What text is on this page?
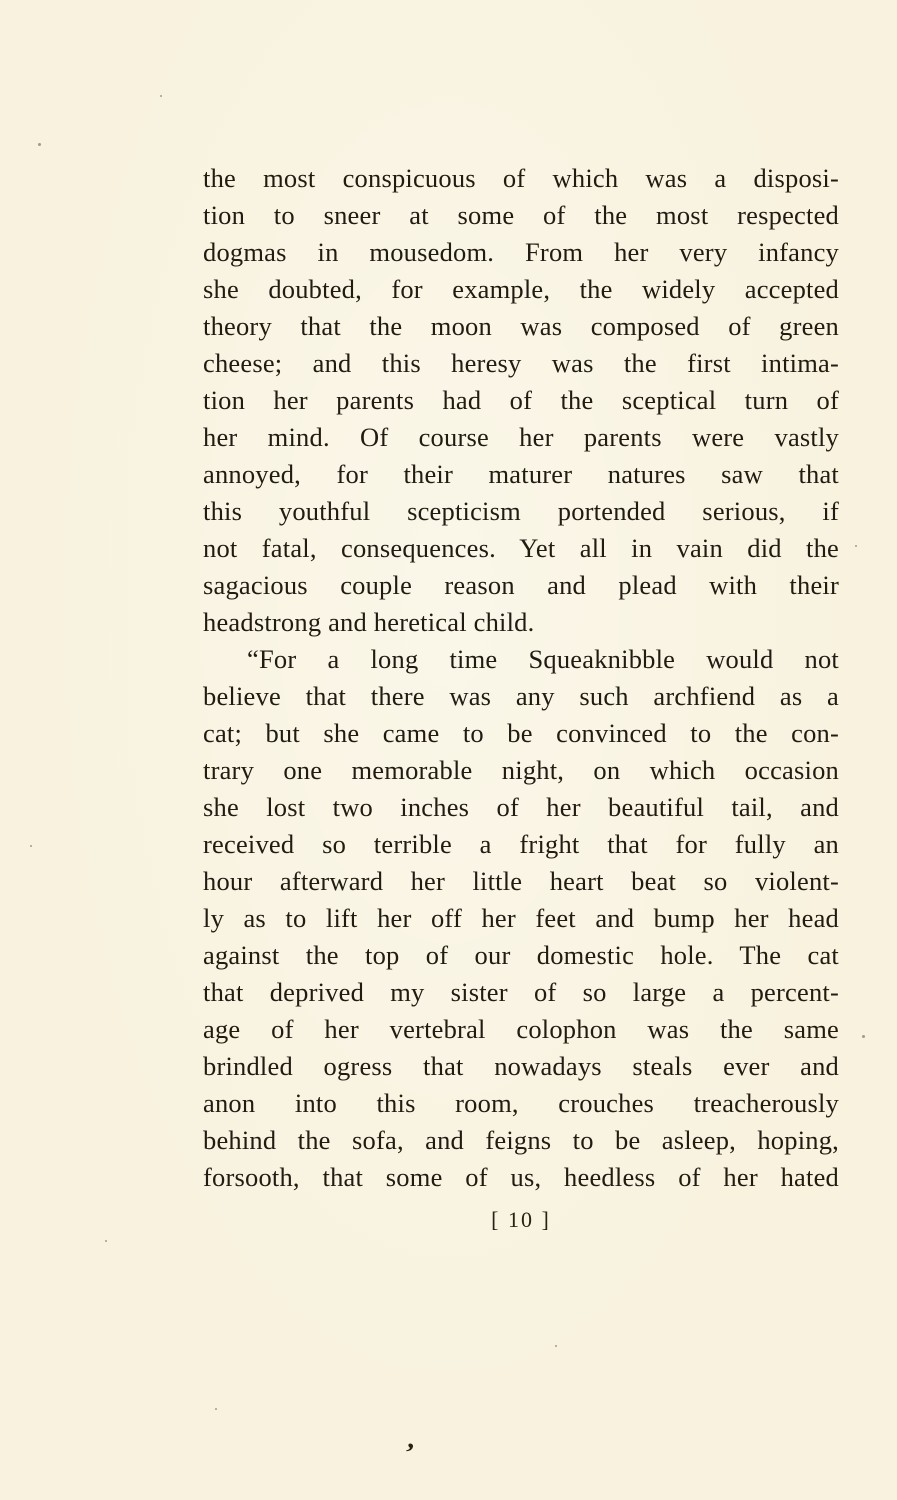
the most conspicuous of which was a disposi-
tion to sneer at some of the most respected
dogmas in mousedom. From her very infancy
she doubted, for example, the widely accepted
theory that the moon was composed of green
cheese; and this heresy was the first intima-
tion her parents had of the sceptical turn of
her mind. Of course her parents were vastly
annoyed, for their maturer natures saw that
this youthful scepticism portended serious, if
not fatal, consequences. Yet all in vain did the
sagacious couple reason and plead with their
headstrong and heretical child.
“For a long time Squeaknibble would not
believe that there was any such archfiend as a
cat; but she came to be convinced to the con-
trary one memorable night, on which occasion
she lost two inches of her beautiful tail, and
received so terrible a fright that for fully an
hour afterward her little heart beat so violent-
ly as to lift her off her feet and bump her head
against the top of our domestic hole. The cat
that deprived my sister of so large a percent-
age of her vertebral colophon was the same
brindled ogress that nowadays steals ever and
anon into this room, crouches treacherously
behind the sofa, and feigns to be asleep, hoping,
forsooth, that some of us, heedless of her hated
[ 10 ]
’
